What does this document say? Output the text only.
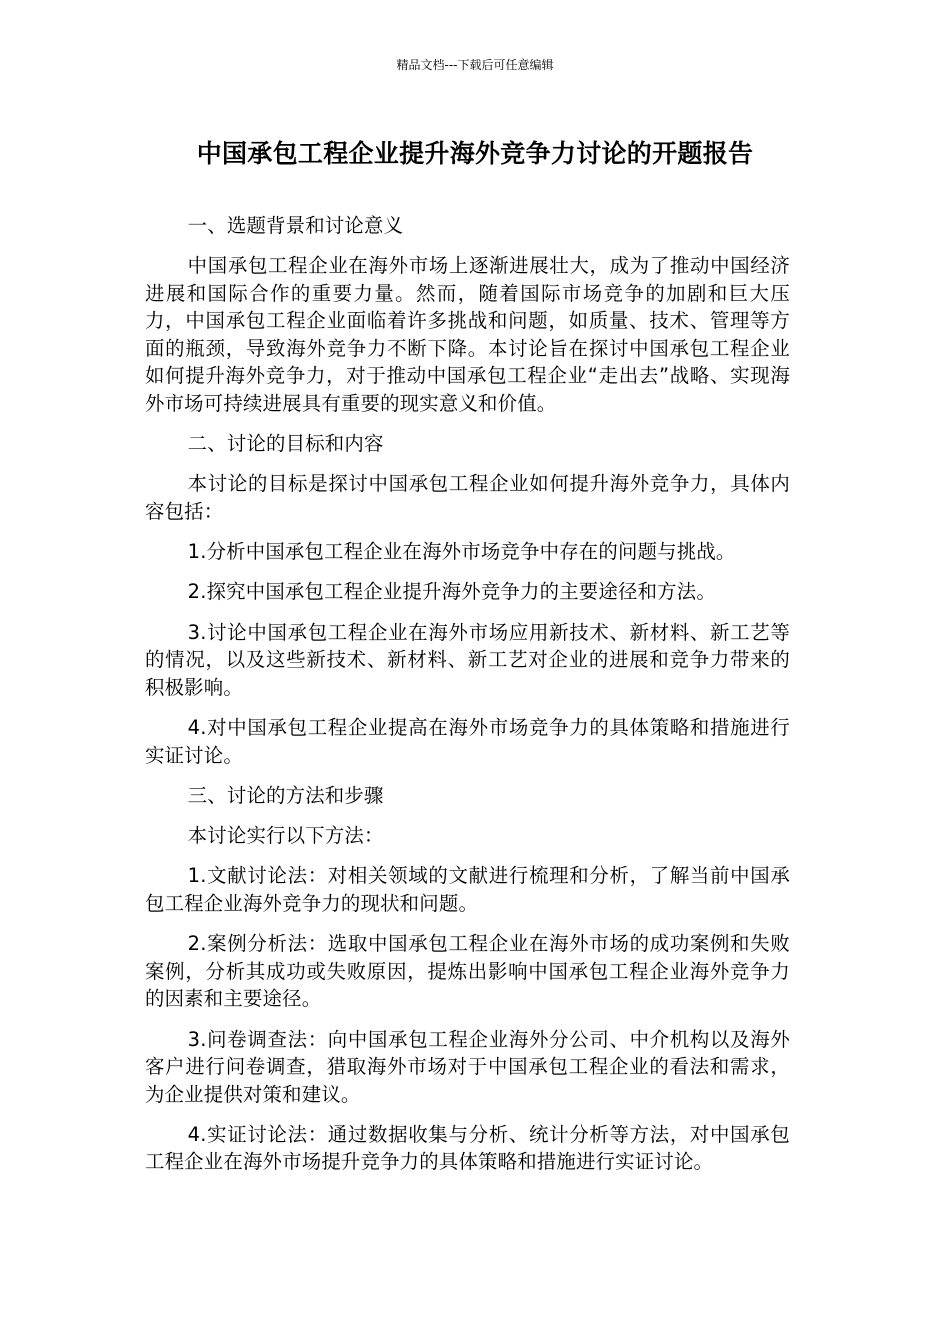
精品文档---下载后可任意编辑
中国承包工程企业提升海外竞争力讨论的开题报告

一、选题背景和讨论意义

中国承包工程企业在海外市场上逐渐进展壮大，成为了推动中国经济进展和国际合作的重要力量。然而，随着国际市场竞争的加剧和巨大压力，中国承包工程企业面临着许多挑战和问题，如质量、技术、管理等方面的瓶颈，导致海外竞争力不断下降。本讨论旨在探讨中国承包工程企业如何提升海外竞争力，对于推动中国承包工程企业“走出去”战略、实现海外市场可持续进展具有重要的现实意义和价值。

二、讨论的目标和内容

本讨论的目标是探讨中国承包工程企业如何提升海外竞争力，具体内容包括：

1.分析中国承包工程企业在海外市场竞争中存在的问题与挑战。

2.探究中国承包工程企业提升海外竞争力的主要途径和方法。

3.讨论中国承包工程企业在海外市场应用新技术、新材料、新工艺等的情况，以及这些新技术、新材料、新工艺对企业的进展和竞争力带来的积极影响。

4.对中国承包工程企业提高在海外市场竞争力的具体策略和措施进行实证讨论。

三、讨论的方法和步骤

本讨论实行以下方法：

1.文献讨论法：对相关领域的文献进行梳理和分析，了解当前中国承包工程企业海外竞争力的现状和问题。

2.案例分析法：选取中国承包工程企业在海外市场的成功案例和失败案例，分析其成功或失败原因，提炼出影响中国承包工程企业海外竞争力的因素和主要途径。

3.问卷调查法：向中国承包工程企业海外分公司、中介机构以及海外客户进行问卷调查，猎取海外市场对于中国承包工程企业的看法和需求，为企业提供对策和建议。

4.实证讨论法：通过数据收集与分析、统计分析等方法，对中国承包工程企业在海外市场提升竞争力的具体策略和措施进行实证讨论。
